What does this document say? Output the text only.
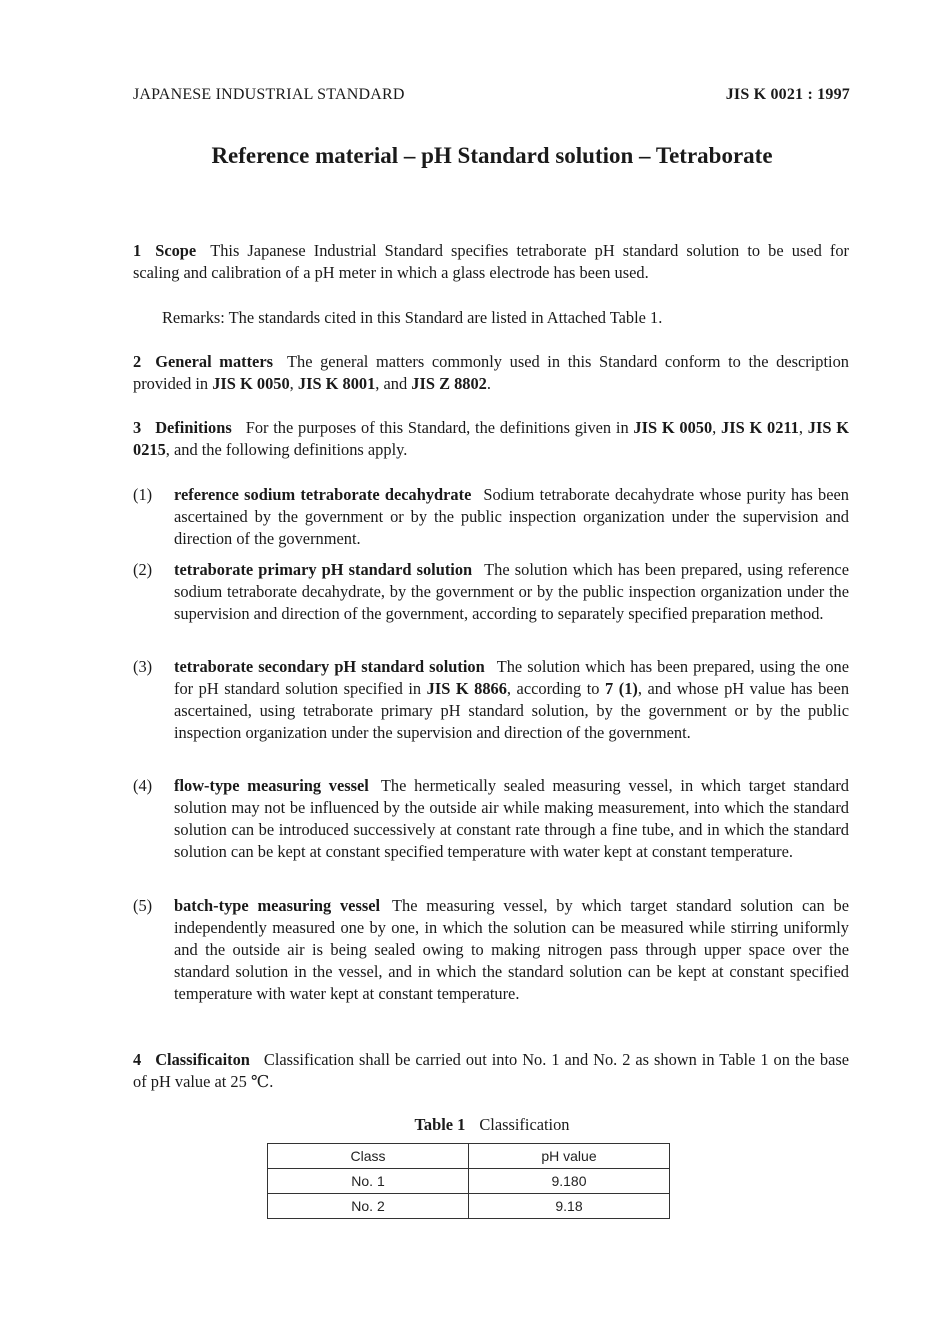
JAPANESE INDUSTRIAL STANDARD	JIS K 0021 : 1997
Reference material – pH Standard solution – Tetraborate
1 Scope This Japanese Industrial Standard specifies tetraborate pH standard solution to be used for scaling and calibration of a pH meter in which a glass electrode has been used.
Remarks: The standards cited in this Standard are listed in Attached Table 1.
2 General matters The general matters commonly used in this Standard conform to the description provided in JIS K 0050, JIS K 8001, and JIS Z 8802.
3 Definitions For the purposes of this Standard, the definitions given in JIS K 0050, JIS K 0211, JIS K 0215, and the following definitions apply.
(1)	reference sodium tetraborate decahydrate Sodium tetraborate decahydrate whose purity has been ascertained by the government or by the public inspection organization under the supervision and direction of the government.
(2)	tetraborate primary pH standard solution The solution which has been prepared, using reference sodium tetraborate decahydrate, by the government or by the public inspection organization under the supervision and direction of the government, according to separately specified preparation method.
(3)	tetraborate secondary pH standard solution The solution which has been prepared, using the one for pH standard solution specified in JIS K 8866, according to 7 (1), and whose pH value has been ascertained, using tetraborate primary pH standard solution, by the government or by the public inspection organization under the supervision and direction of the government.
(4)	flow-type measuring vessel The hermetically sealed measuring vessel, in which target standard solution may not be influenced by the outside air while making measurement, into which the standard solution can be introduced successively at constant rate through a fine tube, and in which the standard solution can be kept at constant specified temperature with water kept at constant temperature.
(5)	batch-type measuring vessel The measuring vessel, by which target standard solution can be independently measured one by one, in which the solution can be measured while stirring uniformly and the outside air is being sealed owing to making nitrogen pass through upper space over the standard solution in the vessel, and in which the standard solution can be kept at constant specified temperature with water kept at constant temperature.
4 Classificaiton Classification shall be carried out into No. 1 and No. 2 as shown in Table 1 on the base of pH value at 25 ℃.
Table 1 Classification
Class	pH value
No. 1	9.180
No. 2	9.18
